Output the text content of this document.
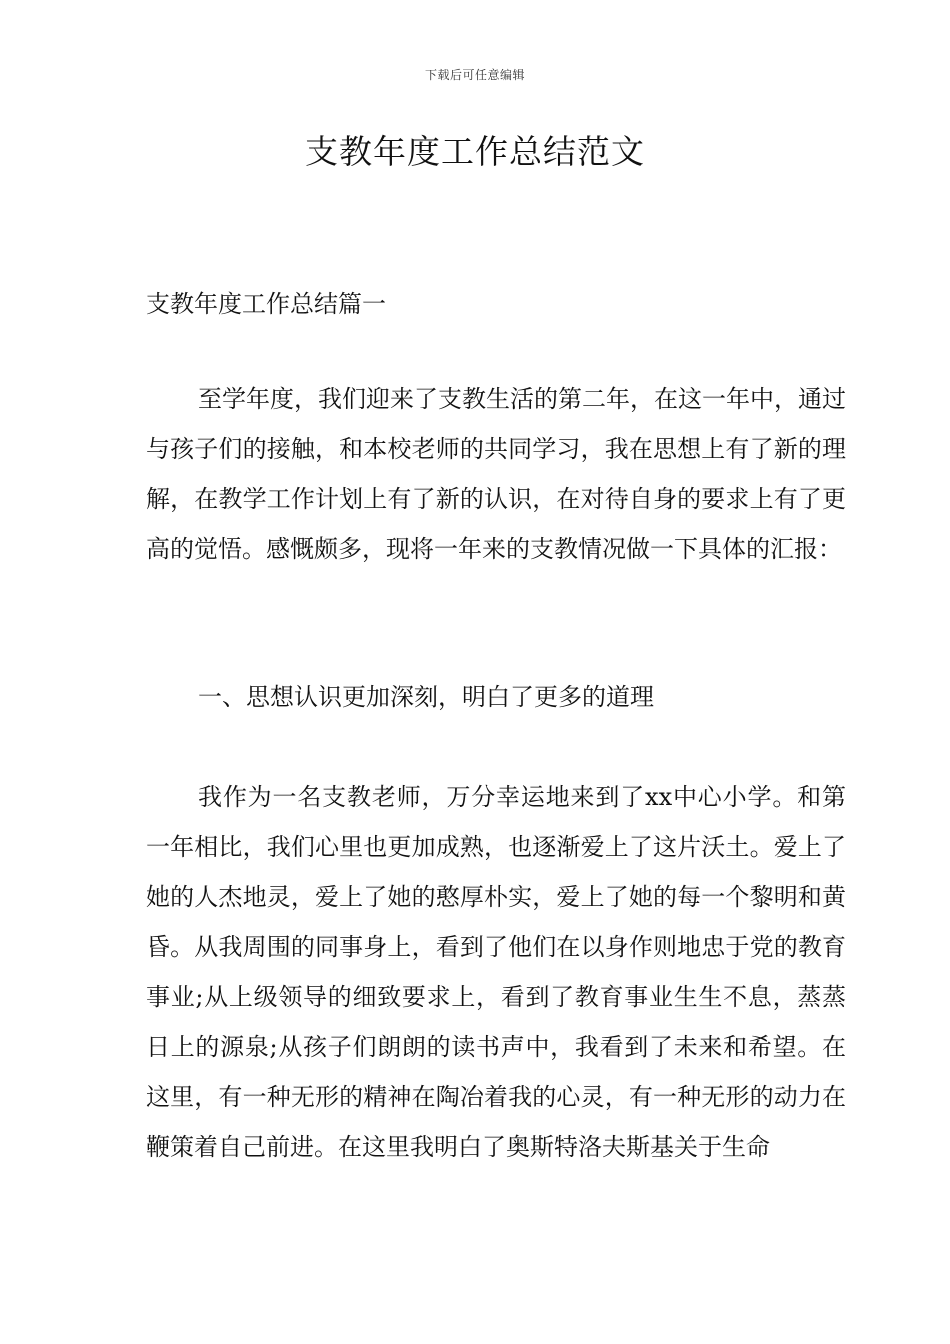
下载后可任意编辑
支教年度工作总结范文
支教年度工作总结篇一

至学年度，我们迎来了支教生活的第二年，在这一年中，通过与孩子们的接触，和本校老师的共同学习，我在思想上有了新的理解，在教学工作计划上有了新的认识，在对待自身的要求上有了更高的觉悟。感慨颇多，现将一年来的支教情况做一下具体的汇报：

一、思想认识更加深刻，明白了更多的道理

我作为一名支教老师，万分幸运地来到了xx中心小学。和第一年相比，我们心里也更加成熟，也逐渐爱上了这片沃土。爱上了她的人杰地灵，爱上了她的憨厚朴实，爱上了她的每一个黎明和黄昏。从我周围的同事身上，看到了他们在以身作则地忠于党的教育事业;从上级领导的细致要求上，看到了教育事业生生不息，蒸蒸日上的源泉;从孩子们朗朗的读书声中，我看到了未来和希望。在这里，有一种无形的精神在陶冶着我的心灵，有一种无形的动力在鞭策着自己前进。在这里我明白了奥斯特洛夫斯基关于生命
